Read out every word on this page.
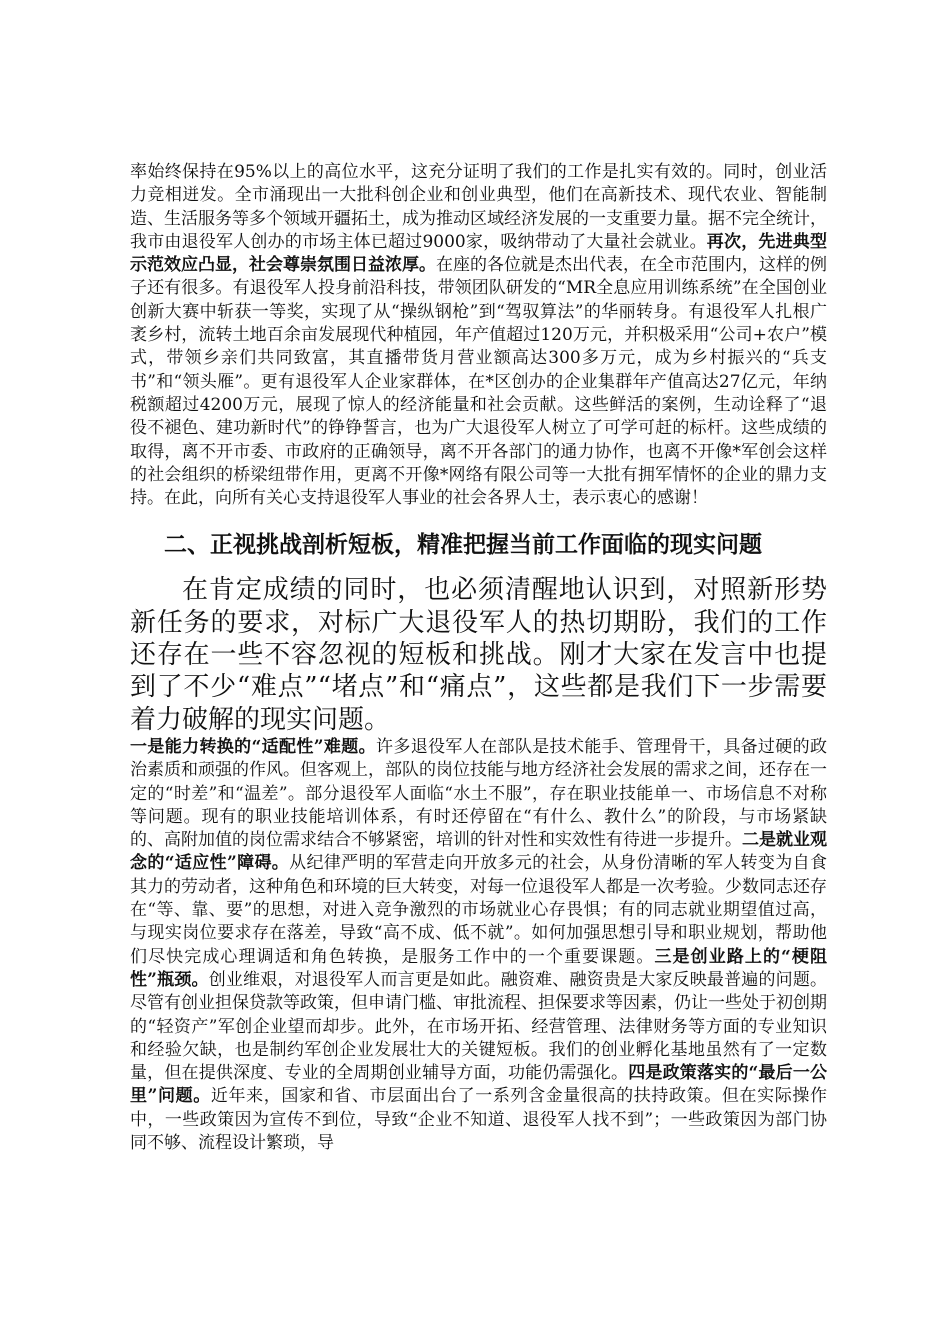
率始终保持在95%以上的高位水平，这充分证明了我们的工作是扎实有效的。同时，创业活力竞相迸发。全市涌现出一大批科创企业和创业典型，他们在高新技术、现代农业、智能制造、生活服务等多个领域开疆拓土，成为推动区域经济发展的一支重要力量。据不完全统计，我市由退役军人创办的市场主体已超过9000家，吸纳带动了大量社会就业。再次，先进典型示范效应凸显，社会尊崇氛围日益浓厚。在座的各位就是杰出代表，在全市范围内，这样的例子还有很多。有退役军人投身前沿科技，带领团队研发的“MR全息应用训练系统”在全国创业创新大赛中斩获一等奖，实现了从“操纵钢枪”到“驾驭算法”的华丽转身。有退役军人扎根广袤乡村，流转土地百余亩发展现代种植园，年产值超过120万元，并积极采用“公司+农户”模式，带领乡亲们共同致富，其直播带货月营业额高达300多万元，成为乡村振兴的“兵支书”和“领头雁”。更有退役军人企业家群体，在*区创办的企业集群年产值高达27亿元，年纳税额超过4200万元，展现了惊人的经济能量和社会贡献。这些鲜活的案例，生动诠释了“退役不褪色、建功新时代”的铮铮誓言，也为广大退役军人树立了可学可赶的标杆。这些成绩的取得，离不开市委、市政府的正确领导，离不开各部门的通力协作，也离不开像*军创会这样的社会组织的桥梁纽带作用，更离不开像*网络有限公司等一大批有拥军情怀的企业的鼎力支持。在此，向所有关心支持退役军人事业的社会各界人士，表示衷心的感谢！

二、正视挑战剖析短板，精准把握当前工作面临的现实问题

在肯定成绩的同时，也必须清醒地认识到，对照新形势新任务的要求，对标广大退役军人的热切期盼，我们的工作还存在一些不容忽视的短板和挑战。刚才大家在发言中也提到了不少“难点”“堵点”和“痛点”，这些都是我们下一步需要着力破解的现实问题。
一是能力转换的“适配性”难题。许多退役军人在部队是技术能手、管理骨干，具备过硬的政治素质和顽强的作风。但客观上，部队的岗位技能与地方经济社会发展的需求之间，还存在一定的“时差”和“温差”。部分退役军人面临“水土不服”，存在职业技能单一、市场信息不对称等问题。现有的职业技能培训体系，有时还停留在“有什么、教什么”的阶段，与市场紧缺的、高附加值的岗位需求结合不够紧密，培训的针对性和实效性有待进一步提升。二是就业观念的“适应性”障碍。从纪律严明的军营走向开放多元的社会，从身份清晰的军人转变为自食其力的劳动者，这种角色和环境的巨大转变，对每一位退役军人都是一次考验。少数同志还存在“等、靠、要”的思想，对进入竞争激烈的市场就业心存畏惧；有的同志就业期望值过高，与现实岗位要求存在落差，导致“高不成、低不就”。如何加强思想引导和职业规划，帮助他们尽快完成心理调适和角色转换，是服务工作中的一个重要课题。三是创业路上的“梗阻性”瓶颈。创业维艰，对退役军人而言更是如此。融资难、融资贵是大家反映最普遍的问题。尽管有创业担保贷款等政策，但申请门槛、审批流程、担保要求等因素，仍让一些处于初创期的“轻资产”军创企业望而却步。此外，在市场开拓、经营管理、法律财务等方面的专业知识和经验欠缺，也是制约军创企业发展壮大的关键短板。我们的创业孵化基地虽然有了一定数量，但在提供深度、专业的全周期创业辅导方面，功能仍需强化。四是政策落实的“最后一公里”问题。近年来，国家和省、市层面出台了一系列含金量很高的扶持政策。但在实际操作中，一些政策因为宣传不到位，导致“企业不知道、退役军人找不到”；一些政策因为部门协同不够、流程设计繁琐，导
